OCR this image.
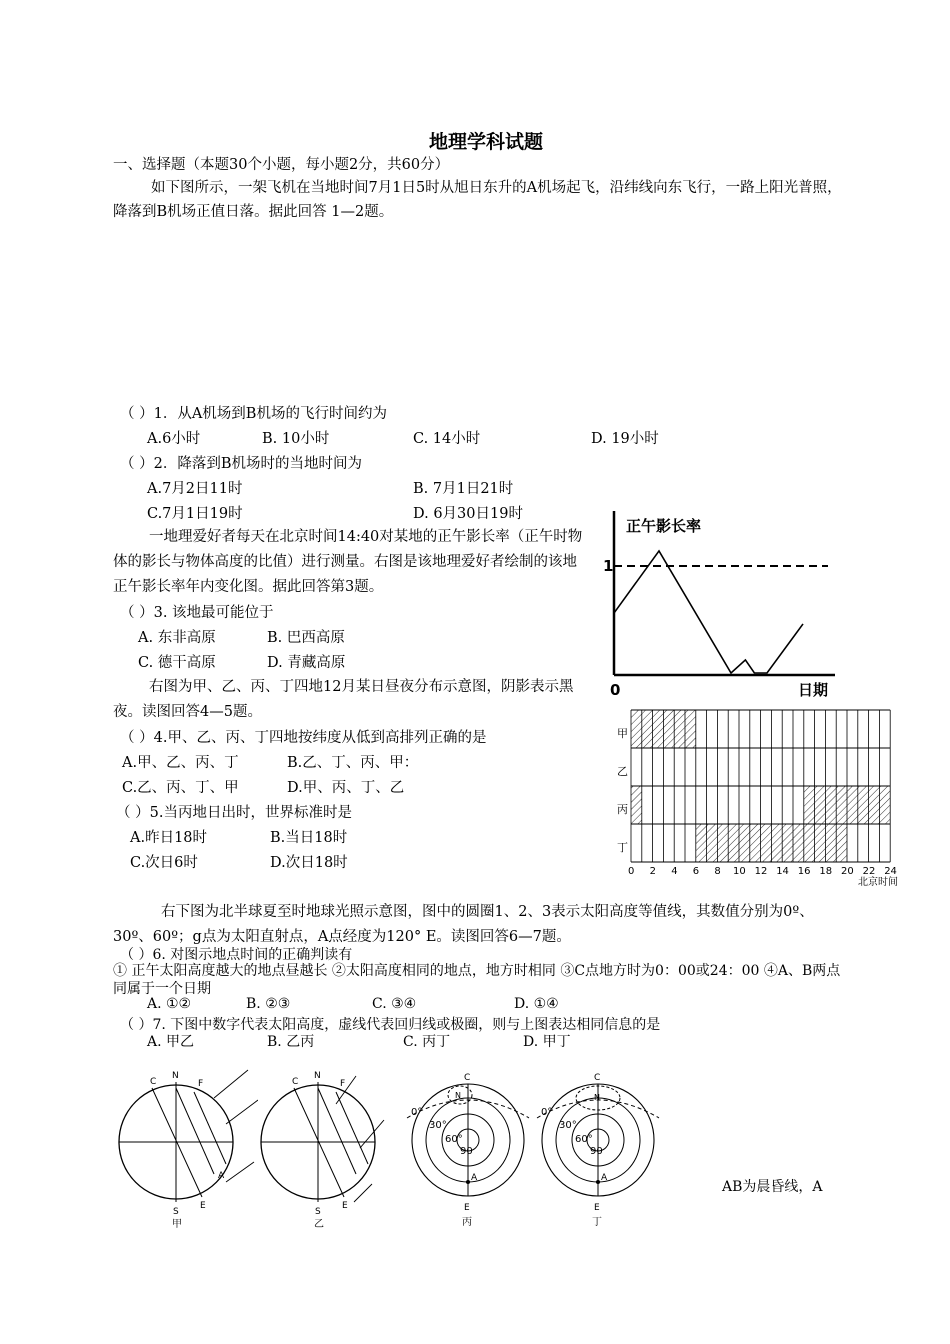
地理学科试题
一、选择题（本题30个小题，每小题2分，共60分）
如下图所示，一架飞机在当地时间7月1日5时从旭日东升的A机场起飞，沿纬线向东飞行，一路上阳光普照，降落到B机场正值日落。据此回答 1—2题。
（ ）1．从A机场到B机场的飞行时间约为
A.6小时	B. 10小时	C. 14小时	D. 19小时
（ ）2．降落到B机场时的当地时间为
A.7月2日11时	B. 7月1日21时
C.7月1日19时	D. 6月30日19时
一地理爱好者每天在北京时间14:40对某地的正午影长率（正午时物体的影长与物体高度的比值）进行测量。右图是该地理爱好者绘制的该地正午影长率年内变化图。据此回答第3题。
（ ）3. 该地最可能位于
A. 东非高原	B. 巴西高原
C. 德干高原	D. 青藏高原
右图为甲、乙、丙、丁四地12月某日昼夜分布示意图，阴影表示黑夜。读图回答4—5题。
（ ）4.甲、乙、丙、丁四地按纬度从低到高排列正确的是
A.甲、乙、丙、丁	B.乙、丁、丙、甲：
C.乙、丙、丁、甲	D.甲、丙、丁、乙
（ ）5.当丙地日出时，世界标准时是
A.昨日18时	B.当日18时
C.次日6时	D.次日18时
右下图为北半球夏至时地球光照示意图，图中的圆圈1、2、3表示太阳高度等值线，其数值分别为0º、30º、60º；g点为太阳直射点，A点经度为120° E。读图回答6—7题。
（ ）6. 对图示地点时间的正确判读有
① 正午太阳高度越大的地点昼越长 ②太阳高度相同的地点，地方时相同 ③C点地方时为0：00或24：00 ④A、B两点同属于一个日期
A. ①②	B. ②③	C. ③④	D. ①④
（ ）7. 下图中数字代表太阳高度，虚线代表回归线或极圈，则与上图表达相同信息的是
A. 甲乙	B. 乙丙	C. 丙丁	D. 甲丁
AB为晨昏线，A
正午影长率
日期
0
1
甲
乙
丙
丁
0 2 4 6 8 10 12 14 16 18 20 22 24
北京时间
C
N
F
A
E
S
甲
C
N
F
E
S
乙
C
N
0°
30°
60°
90
A
E
丙
C
N
0°
30°
60°
90
A
E
丁
